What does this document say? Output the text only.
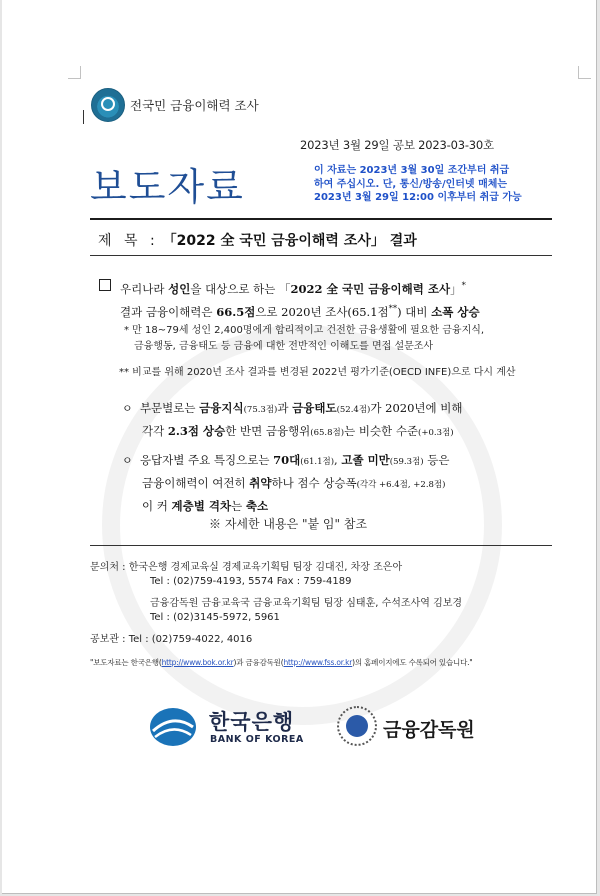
전국민 금융이해력 조사
2023년 3월 29일 공보 2023-03-30호
보도자료	이 자료는 2023년 3월 30일 조간부터 취급
하여 주십시오. 단, 통신/방송/인터넷 매체는
2023년 3월 29일 12:00 이후부터 취급 가능
제 목 : 「2022 全 국민 금융이해력 조사」 결과
우리나라 성인을 대상으로 하는 「2022 全 국민 금융이해력 조사」*
결과 금융이해력은 66.5점으로 2020년 조사(65.1점**) 대비 소폭 상승
* 만 18~79세 성인 2,400명에게 합리적이고 건전한 금융생활에 필요한 금융지식,
금융행동, 금융태도 등 금융에 대한 전반적인 이해도를 면접 설문조사
** 비교를 위해 2020년 조사 결과를 변경된 2022년 평가기준(OECD INFE)으로 다시 계산
ㅇ 부문별로는 금융지식(75.3점)과 금융태도(52.4점)가 2020년에 비해
각각 2.3점 상승한 반면 금융행위(65.8점)는 비슷한 수준(+0.3점)
ㅇ 응답자별 주요 특징으로는 70대(61.1점), 고졸 미만(59.3점) 등은
금융이해력이 여전히 취약하나 점수 상승폭(각각 +6.4점, +2.8점)
이 커 계층별 격차는 축소
※ 자세한 내용은 "붙 임" 참조
문의처 : 한국은행 경제교육실 경제교육기획팀 팀장 김대진, 차장 조은아
Tel : (02)759-4193, 5574 Fax : 759-4189
금융감독원 금융교육국 금융교육기획팀 팀장 심태훈, 수석조사역 김보경
Tel : (02)3145-5972, 5961
공보관 : Tel : (02)759-4022, 4016
"보도자료는 한국은행(http://www.bok.or.kr)과 금융감독원(http://www.fss.or.kr)의 홈페이지에도 수록되어 있습니다."
한국은행
BANK OF KOREA	금융감독원
